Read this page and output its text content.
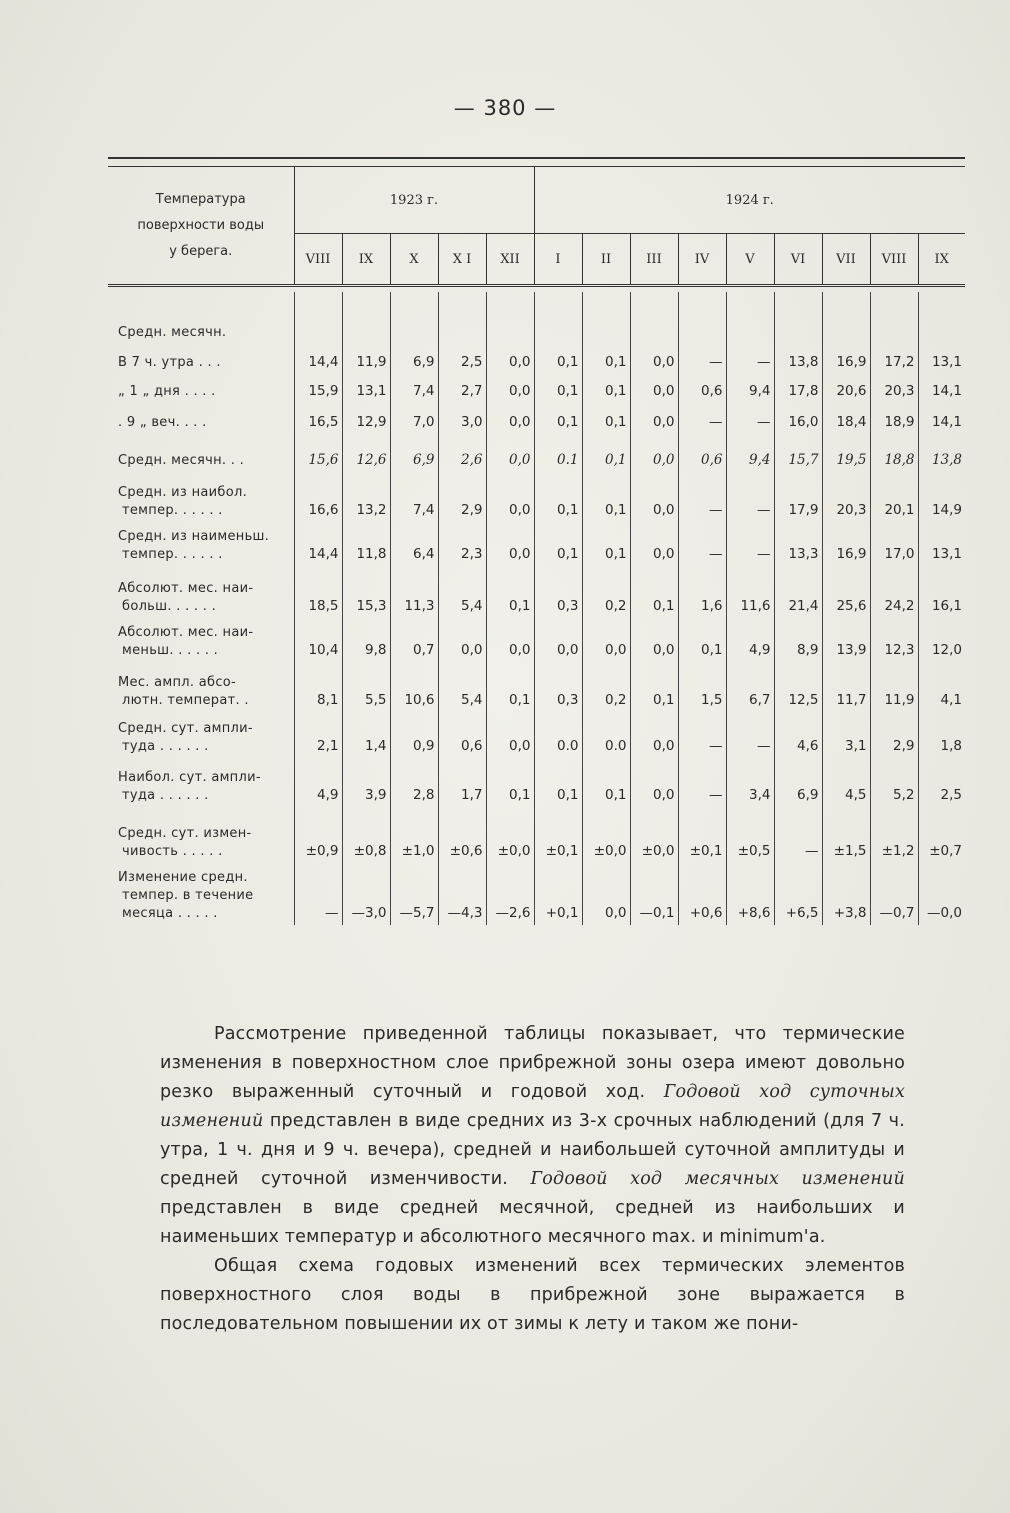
— 380 —

Температура
поверхности воды
у берега.	1923 г.					1924 г.								
	VIII	IX	X	X I	XII	I	II	III	IV	V	VI	VII	VIII	IX

Средн. месячн.														

В 7 ч. утра . . .	14,4	11,9	6,9	2,5	0,0	0,1	0,1	0,0	—	—	13,8	16,9	17,2	13,1

„ 1 „ дня . . . .	15,9	13,1	7,4	2,7	0,0	0,1	0,1	0,0	0,6	9,4	17,8	20,6	20,3	14,1

. 9 „ веч. . . .	16,5	12,9	7,0	3,0	0,0	0,1	0,1	0,0	—	—	16,0	18,4	18,9	14,1

Средн. месячн. . .	15,6	12,6	6,9	2,6	0,0	0.1	0,1	0,0	0,6	9,4	15,7	19,5	18,8	13,8

Средн. из наибол.
темпер. . . . . .	16,6	13,2	7,4	2,9	0,0	0,1	0,1	0,0	—	—	17,9	20,3	20,1	14,9

Средн. из наименьш.
темпер. . . . . .	14,4	11,8	6,4	2,3	0,0	0,1	0,1	0,0	—	—	13,3	16,9	17,0	13,1

Абсолют. мес. наи-
больш. . . . . .	18,5	15,3	11,3	5,4	0,1	0,3	0,2	0,1	1,6	11,6	21,4	25,6	24,2	16,1

Абсолют. мес. наи-
меньш. . . . . .	10,4	9,8	0,7	0,0	0,0	0,0	0,0	0,0	0,1	4,9	8,9	13,9	12,3	12,0

Мес. ампл. абсо-
лютн. температ. .	8,1	5,5	10,6	5,4	0,1	0,3	0,2	0,1	1,5	6,7	12,5	11,7	11,9	4,1

Средн. сут. ампли-
туда . . . . . .	2,1	1,4	0,9	0,6	0,0	0.0	0.0	0,0	—	—	4,6	3,1	2,9	1,8

Наибол. сут. ампли-
туда . . . . . .	4,9	3,9	2,8	1,7	0,1	0,1	0,1	0,0	—	3,4	6,9	4,5	5,2	2,5

Средн. сут. измен-
чивость . . . . .	±0,9	±0,8	±1,0	±0,6	±0,0	±0,1	±0,0	±0,0	±0,1	±0,5	—	±1,5	±1,2	±0,7

Изменение средн.
темпер. в течение
месяца . . . . .	—	—3,0	—5,7	—4,3	—2,6	+0,1	0,0	—0,1	+0,6	+8,6	+6,5	+3,8	—0,7	—0,0

Рассмотрение приведенной таблицы показывает, что термические изменения в поверхностном слое прибрежной зоны озера имеют довольно резко выраженный суточный и годовой ход. Годовой ход суточных изменений представлен в виде средних из 3-х срочных наблюдений (для 7 ч. утра, 1 ч. дня и 9 ч. вечера), средней и наибольшей суточной амплитуды и средней суточной изменчивости. Годовой ход месячных изменений представлен в виде средней месячной, средней из наибольших и наименьших температур и абсолютного месячного max. и minimum'a.

Общая схема годовых изменений всех термических элементов поверхностного слоя воды в прибрежной зоне выражается в последовательном повышении их от зимы к лету и таком же пони-
